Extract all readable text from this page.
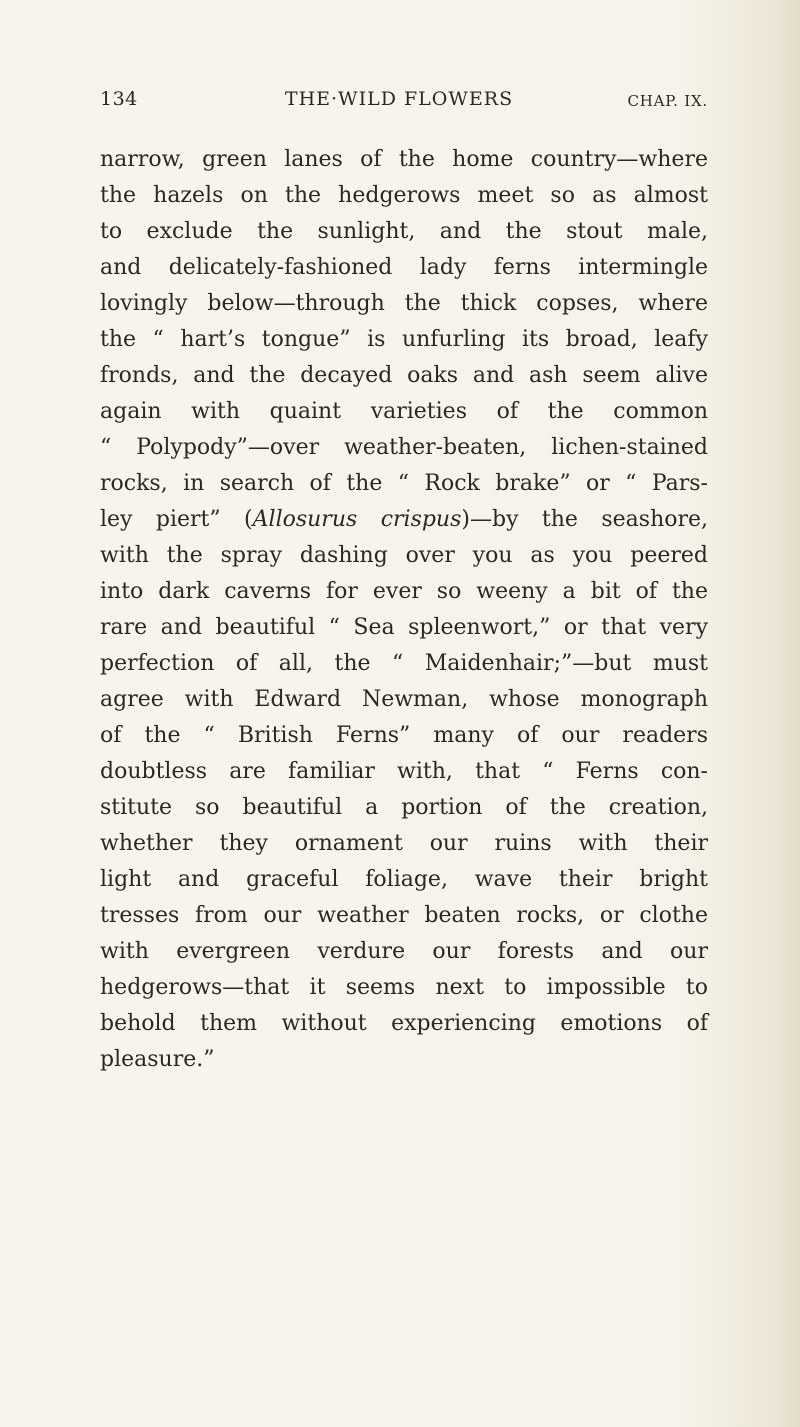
134	THE·WILD FLOWERS	CHAP. IX.
narrow, green lanes of the home country—where
the hazels on the hedgerows meet so as almost
to exclude the sunlight, and the stout male,
and delicately-fashioned lady ferns intermingle
lovingly below—through the thick copses, where
the “ hart’s tongue” is unfurling its broad, leafy
fronds, and the decayed oaks and ash seem alive
again with quaint varieties of the common
“ Polypody”—over weather-beaten, lichen-stained
rocks, in search of the “ Rock brake” or “ Pars-
ley piert” (Allosurus crispus)—by the seashore,
with the spray dashing over you as you peered
into dark caverns for ever so weeny a bit of the
rare and beautiful “ Sea spleenwort,” or that very
perfection of all, the “ Maidenhair;”—but must
agree with Edward Newman, whose monograph
of the “ British Ferns” many of our readers
doubtless are familiar with, that “ Ferns con-
stitute so beautiful a portion of the creation,
whether they ornament our ruins with their
light and graceful foliage, wave their bright
tresses from our weather beaten rocks, or clothe
with evergreen verdure our forests and our
hedgerows—that it seems next to impossible to
behold them without experiencing emotions of
pleasure.”
